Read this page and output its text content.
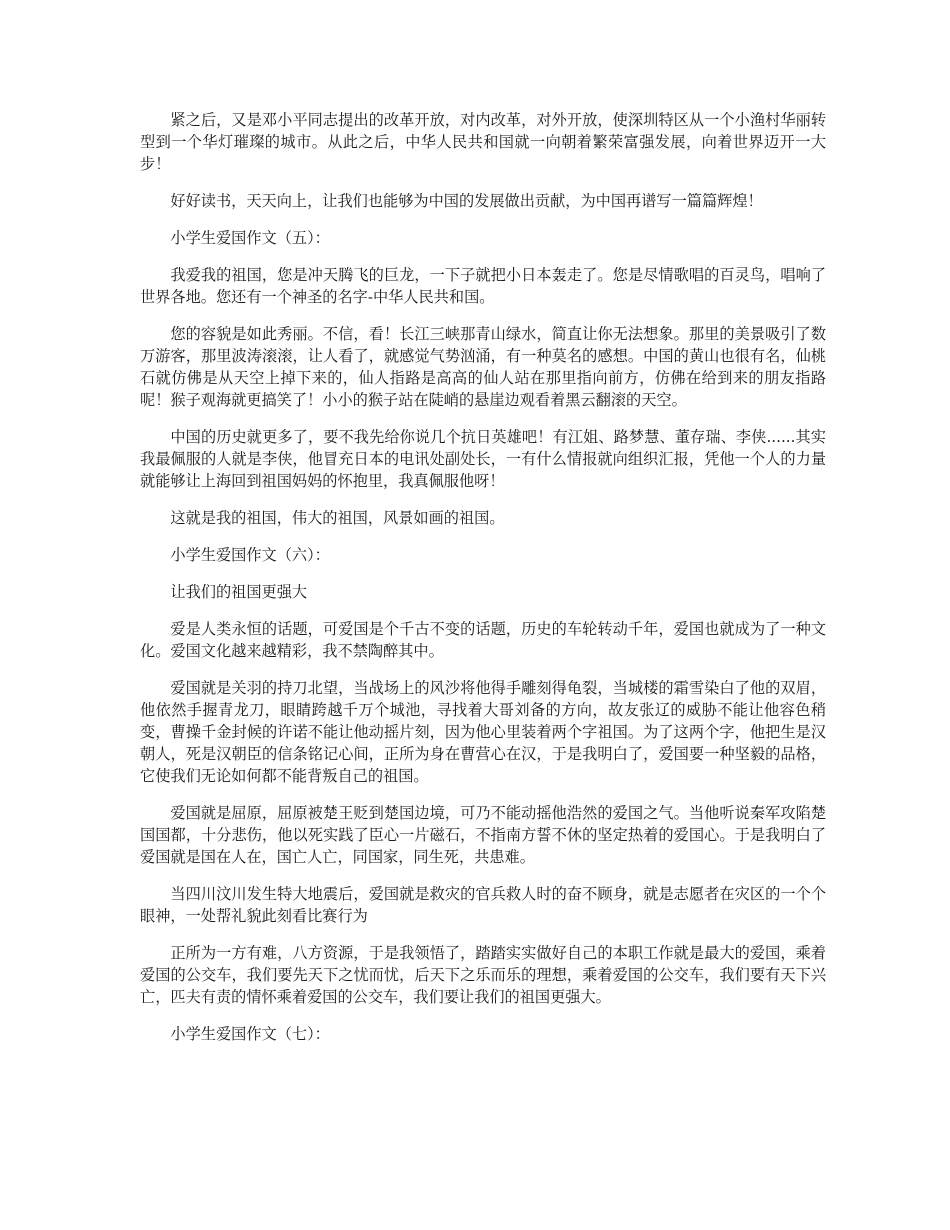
紧之后，又是邓小平同志提出的改革开放，对内改革，对外开放，使深圳特区从一个小渔村华丽转型到一个华灯璀璨的城市。从此之后，中华人民共和国就一向朝着繁荣富强发展，向着世界迈开一大步！

好好读书，天天向上，让我们也能够为中国的发展做出贡献，为中国再谱写一篇篇辉煌！

小学生爱国作文（五）：

我爱我的祖国，您是冲天腾飞的巨龙，一下子就把小日本轰走了。您是尽情歌唱的百灵鸟，唱响了世界各地。您还有一个神圣的名字-中华人民共和国。

您的容貌是如此秀丽。不信，看！长江三峡那青山绿水，简直让你无法想象。那里的美景吸引了数万游客，那里波涛滚滚，让人看了，就感觉气势汹涌，有一种莫名的感想。中国的黄山也很有名，仙桃石就仿佛是从天空上掉下来的，仙人指路是高高的仙人站在那里指向前方，仿佛在给到来的朋友指路呢！猴子观海就更搞笑了！小小的猴子站在陡峭的悬崖边观看着黑云翻滚的天空。

中国的历史就更多了，要不我先给你说几个抗日英雄吧！有江姐、路梦慧、董存瑞、李侠......其实我最佩服的人就是李侠，他冒充日本的电讯处副处长，一有什么情报就向组织汇报，凭他一个人的力量就能够让上海回到祖国妈妈的怀抱里，我真佩服他呀！

这就是我的祖国，伟大的祖国，风景如画的祖国。

小学生爱国作文（六）：

让我们的祖国更强大

爱是人类永恒的话题，可爱国是个千古不变的话题，历史的车轮转动千年，爱国也就成为了一种文化。爱国文化越来越精彩，我不禁陶醉其中。

爱国就是关羽的持刀北望，当战场上的风沙将他得手雕刻得龟裂，当城楼的霜雪染白了他的双眉，他依然手握青龙刀，眼睛跨越千万个城池，寻找着大哥刘备的方向，故友张辽的威胁不能让他容色稍变，曹操千金封候的许诺不能让他动摇片刻，因为他心里装着两个字祖国。为了这两个字，他把生是汉朝人，死是汉朝臣的信条铭记心间，正所为身在曹营心在汉，于是我明白了，爱国要一种坚毅的品格，它使我们无论如何都不能背叛自己的祖国。

爱国就是屈原，屈原被楚王贬到楚国边境，可乃不能动摇他浩然的爱国之气。当他听说秦军攻陷楚国国都，十分悲伤，他以死实践了臣心一片磁石，不指南方誓不休的坚定热着的爱国心。于是我明白了爱国就是国在人在，国亡人亡，同国家，同生死，共患难。

当四川汶川发生特大地震后，爱国就是救灾的官兵救人时的奋不顾身，就是志愿者在灾区的一个个眼神，一处帮礼貌此刻看比赛行为

正所为一方有难，八方资源，于是我领悟了，踏踏实实做好自己的本职工作就是最大的爱国，乘着爱国的公交车，我们要先天下之忧而忧，后天下之乐而乐的理想，乘着爱国的公交车，我们要有天下兴亡，匹夫有责的情怀乘着爱国的公交车，我们要让我们的祖国更强大。

小学生爱国作文（七）：
